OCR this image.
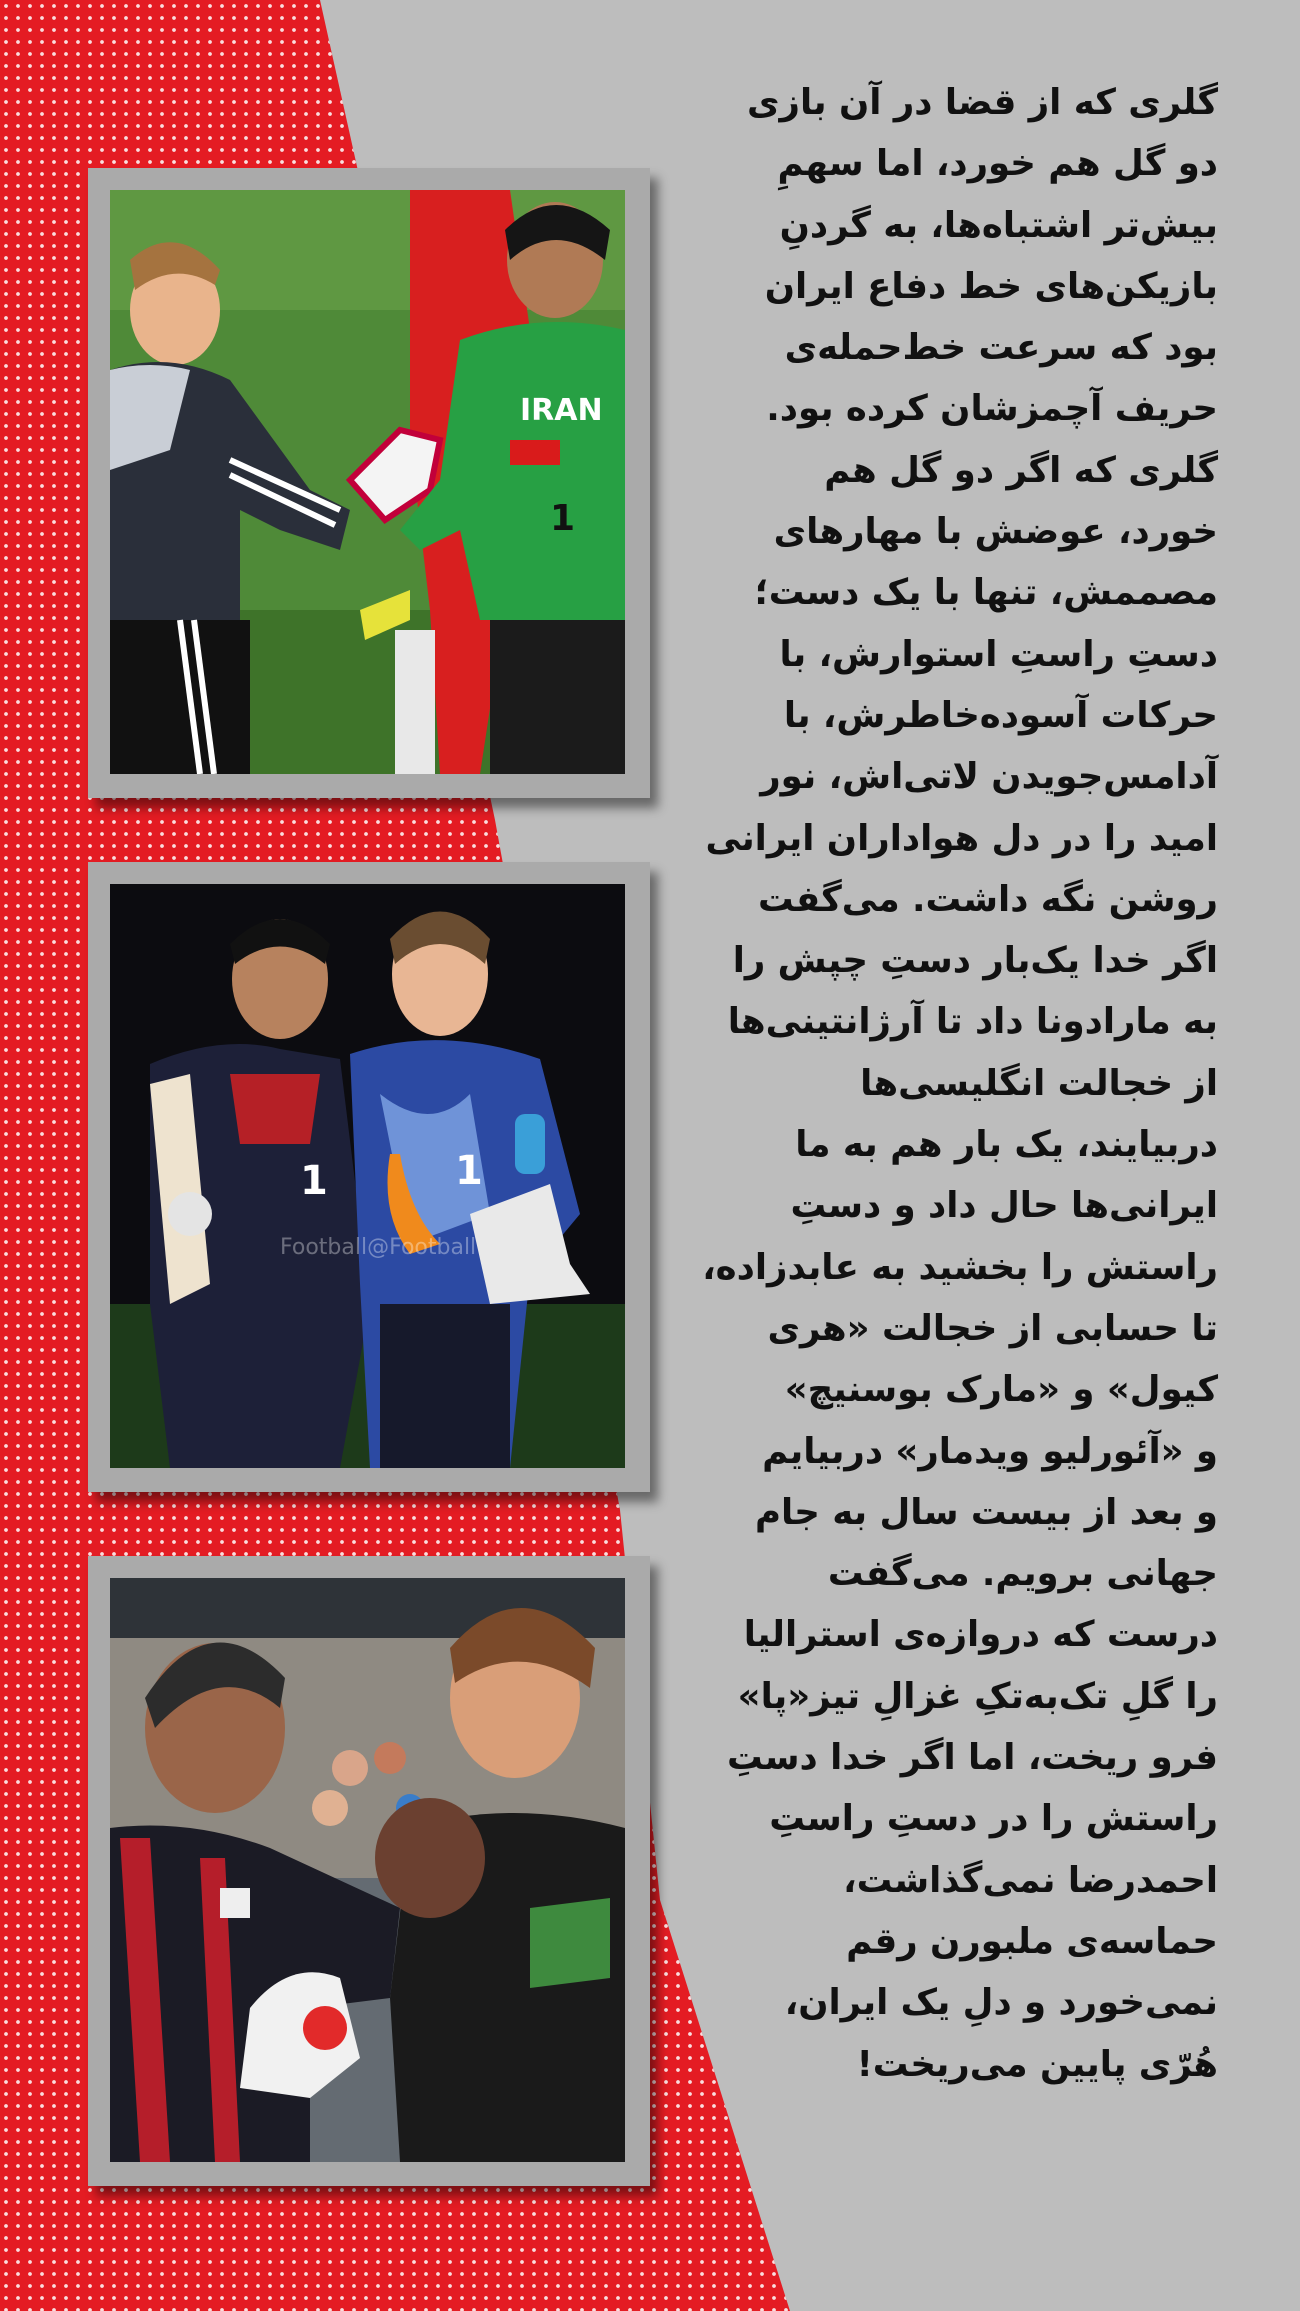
IRAN
1
1	1
Football@Football
گلری که از قضا در آن بازی
دو گل هم خورد، اما سهمِ
بیش‌تر اشتباه‌ها، به گردنِ
بازیکن‌های خط دفاع ایران
بود که سرعت خط‌حمله‌ی
حریف آچمزشان کرده بود.
گلری که اگر دو گل هم
خورد، عوضش با مهارهای
مصممش، تنها با یک دست؛
دستِ راستِ استوارش، با
حرکات آسوده‌خاطرش، با
آدامس‌جویدن لاتی‌اش، نور
امید را در دل هواداران ایرانی
روشن نگه داشت. می‌گفت
اگر خدا یک‌بار دستِ چپش را
به مارادونا داد تا آرژانتینی‌ها
از خجالت انگلیسی‌ها
دربیایند، یک بار هم به ما
ایرانی‌ها حال داد و دستِ
راستش را بخشید به عابدزاده،
تا حسابی از خجالت «هری
کیول» و «مارک بوسنیچ»
و «آئورلیو ویدمار» دربیایم
و بعد از بیست سال به جام
جهانی برویم. می‌گفت
درست که دروازه‌ی استرالیا
را گلِ تک‌به‌تکِ غزالِ تیز«پا»
فرو ریخت، اما اگر خدا دستِ
راستش را در دستِ راستِ
احمدرضا نمی‌گذاشت،
حماسه‌ی ملبورن رقم
نمی‌خورد و دلِ یک ایران،
هُرّی پایین می‌ریخت!
